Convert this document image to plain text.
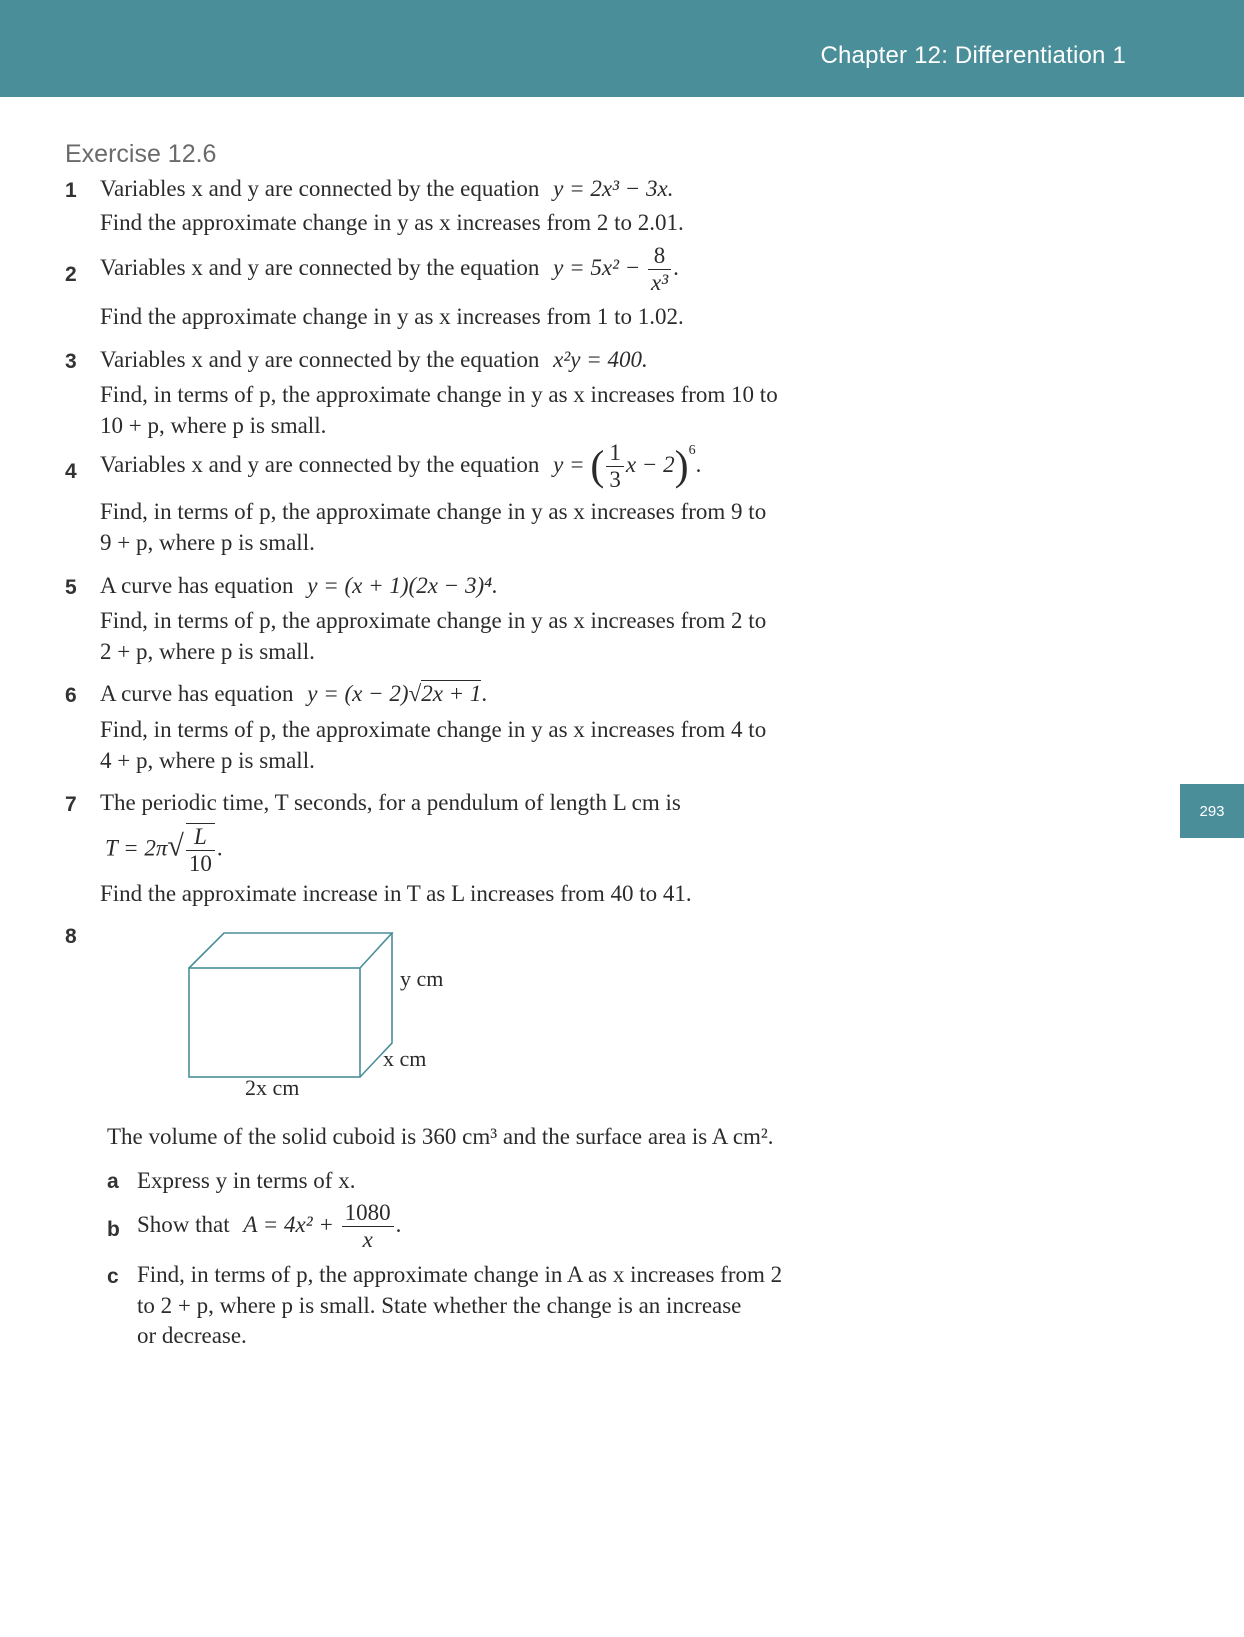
Chapter 12: Differentiation 1
293
Exercise 12.6
1 Variables x and y are connected by the equation y = 2x³ − 3x.
Find the approximate change in y as x increases from 2 to 2.01.
2 Variables x and y are connected by the equation $y = 5x^2 - \frac{8}{\text{x³}}$ .
Find the approximate change in y as x increases from 1 to 1.02.
3 Variables x and y are connected by the equation x²y = 400.
Find, in terms of p, the approximate change in y as x increases from 10 to
10 + p, where p is small.
4 Variables x and y are connected by the equation y = ( $\frac{1}{3}$ x − 2)$^6$.
Find, in terms of p, the approximate change in y as x increases from 9 to
9 + p, where p is small.
5 A curve has equation y = (x + 1)(2x − 3)⁴.
Find, in terms of p, the approximate change in y as x increases from 2 to
2 + p, where p is small.
6 A curve has equation y = (x − 2)√2x + 1.
Find, in terms of p, the approximate change in y as x increases from 4 to
4 + p, where p is small.
7 The periodic time, T seconds, for a pendulum of length L cm is
$T = 2\pi√ \frac{L}{10}$ .
Find the approximate increase in T as L increases from 40 to 41.
8
y cm
x cm
2x cm
The volume of the solid cuboid is 360 cm³ and the surface area is A cm².
a Express y in terms of x.
b Show that $A = 4x^2 + \frac{1080}{x}$ .
c Find, in terms of p, the approximate change in A as x increases from 2
to 2 + p, where p is small. State whether the change is an increase
or decrease.
